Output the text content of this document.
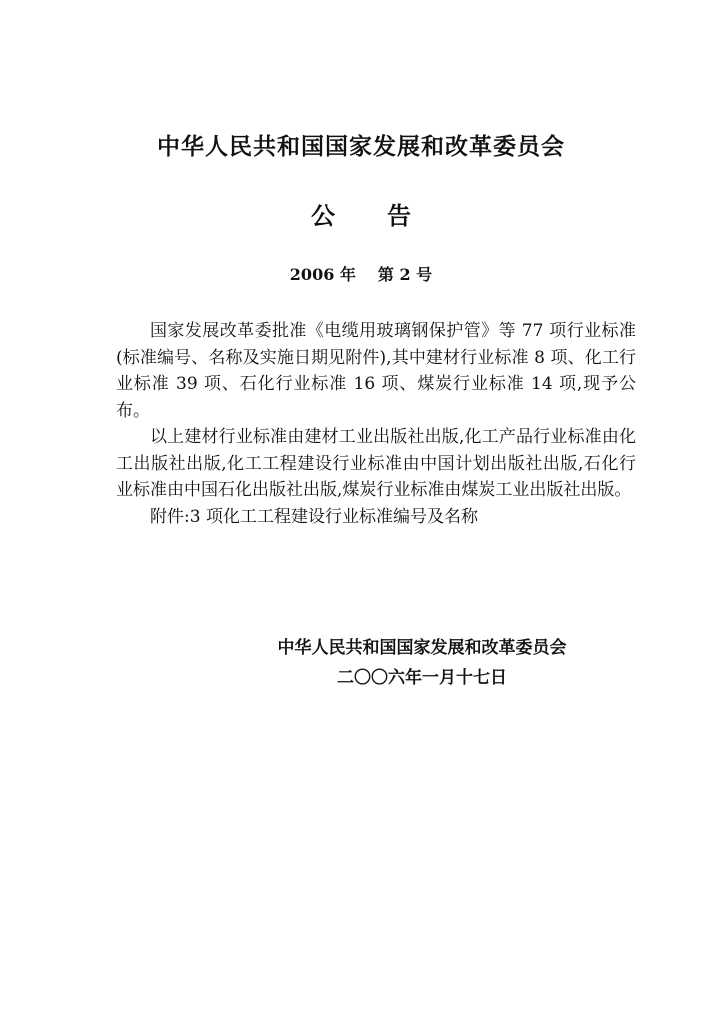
中华人民共和国国家发展和改革委员会
公告
2006 年 第 2 号

国家发展改革委批准《电缆用玻璃钢保护管》等 77 项行业标准(标准编号、名称及实施日期见附件),其中建材行业标准 8 项、化工行业标准 39 项、石化行业标准 16 项、煤炭行业标准 14 项,现予公布。

以上建材行业标准由建材工业出版社出版,化工产品行业标准由化工出版社出版,化工工程建设行业标准由中国计划出版社出版,石化行业标准由中国石化出版社出版,煤炭行业标准由煤炭工业出版社出版。

附件:3 项化工工程建设行业标准编号及名称

中华人民共和国国家发展和改革委员会
二〇〇六年一月十七日
